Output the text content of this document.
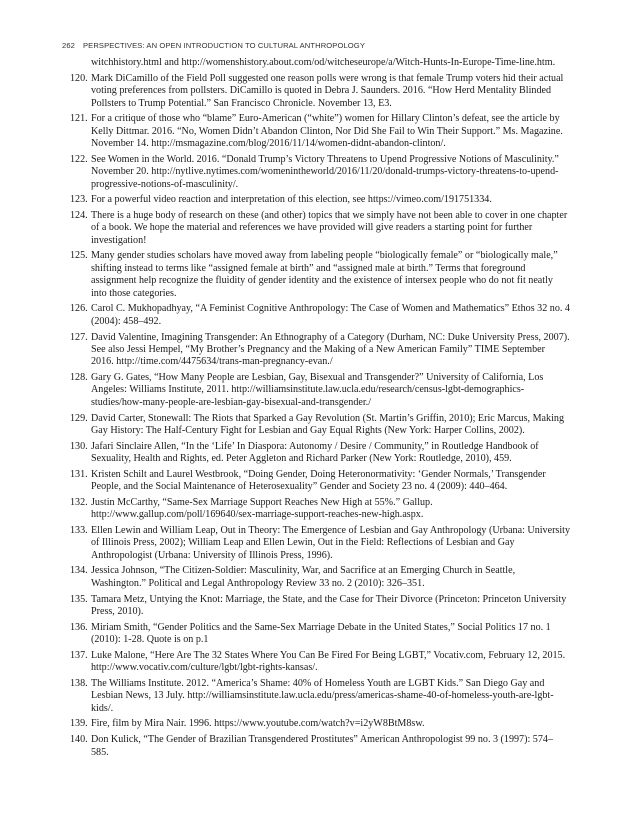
262 PERSPECTIVES: AN OPEN INTRODUCTION TO CULTURAL ANTHROPOLOGY

witchhistory.html and http://womenshistory.about.com/od/witcheseurope/a/Witch-Hunts-In-Europe-Time-line.htm.

120. Mark DiCamillo of the Field Poll suggested one reason polls were wrong is that female Trump voters hid their actual voting preferences from pollsters. DiCamillo is quoted in Debra J. Saunders. 2016. “How Herd Mentality Blinded Pollsters to Trump Potential.” San Francisco Chronicle. November 13, E3.
121. For a critique of those who “blame” Euro-American (“white”) women for Hillary Clinton’s defeat, see the article by Kelly Dittmar. 2016. “No, Women Didn’t Abandon Clinton, Nor Did She Fail to Win Their Support.” Ms. Magazine. November 14. http://msmagazine.com/blog/2016/11/14/women-didnt-abandon-clinton/.
122. See Women in the World. 2016. “Donald Trump’s Victory Threatens to Upend Progressive Notions of Masculinity.” November 20. http://nytlive.nytimes.com/womenintheworld/2016/11/20/donald-trumps-victory-threatens-to-upend-progressive-notions-of-masculinity/.
123. For a powerful video reaction and interpretation of this election, see https://vimeo.com/191751334.
124. There is a huge body of research on these (and other) topics that we simply have not been able to cover in one chapter of a book. We hope the material and references we have provided will give readers a starting point for further investigation!
125. Many gender studies scholars have moved away from labeling people “biologically female” or “biologically male,” shifting instead to terms like “assigned female at birth” and “assigned male at birth.” Terms that foreground assignment help recognize the fluidity of gender identity and the existence of intersex people who do not fit neatly into those categories.
126. Carol C. Mukhopadhyay, “A Feminist Cognitive Anthropology: The Case of Women and Mathematics” Ethos 32 no. 4 (2004): 458–492.
127. David Valentine, Imagining Transgender: An Ethnography of a Category (Durham, NC: Duke University Press, 2007). See also Jessi Hempel, “My Brother’s Pregnancy and the Making of a New American Family” TIME September 2016. http://time.com/4475634/trans-man-pregnancy-evan./
128. Gary G. Gates, “How Many People are Lesbian, Gay, Bisexual and Transgender?” University of California, Los Angeles: Williams Institute, 2011. http://williamsinstitute.law.ucla.edu/research/census-lgbt-demographics-studies/how-many-people-are-lesbian-gay-bisexual-and-transgender./
129. David Carter, Stonewall: The Riots that Sparked a Gay Revolution (St. Martin’s Griffin, 2010); Eric Marcus, Making Gay History: The Half-Century Fight for Lesbian and Gay Equal Rights (New York: Harper Collins, 2002).
130. Jafari Sinclaire Allen, “In the ‘Life’ In Diaspora: Autonomy / Desire / Community,” in Routledge Handbook of Sexuality, Health and Rights, ed. Peter Aggleton and Richard Parker (New York: Routledge, 2010), 459.
131. Kristen Schilt and Laurel Westbrook, “Doing Gender, Doing Heteronormativity: ‘Gender Normals,’ Transgender People, and the Social Maintenance of Heterosexuality” Gender and Society 23 no. 4 (2009): 440–464.
132. Justin McCarthy, “Same-Sex Marriage Support Reaches New High at 55%.” Gallup. http://www.gallup.com/poll/169640/sex-marriage-support-reaches-new-high.aspx.
133. Ellen Lewin and William Leap, Out in Theory: The Emergence of Lesbian and Gay Anthropology (Urbana: University of Illinois Press, 2002); William Leap and Ellen Lewin, Out in the Field: Reflections of Lesbian and Gay Anthropologist (Urbana: University of Illinois Press, 1996).
134. Jessica Johnson, “The Citizen-Soldier: Masculinity, War, and Sacrifice at an Emerging Church in Seattle, Washington.” Political and Legal Anthropology Review 33 no. 2 (2010): 326–351.
135. Tamara Metz, Untying the Knot: Marriage, the State, and the Case for Their Divorce (Princeton: Princeton University Press, 2010).
136. Miriam Smith, “Gender Politics and the Same-Sex Marriage Debate in the United States,” Social Politics 17 no. 1 (2010): 1-28. Quote is on p.1
137. Luke Malone, “Here Are The 32 States Where You Can Be Fired For Being LGBT,” Vocativ.com, February 12, 2015. http://www.vocativ.com/culture/lgbt/lgbt-rights-kansas/.
138. The Williams Institute. 2012. “America’s Shame: 40% of Homeless Youth are LGBT Kids.” San Diego Gay and Lesbian News, 13 July. http://williamsinstitute.law.ucla.edu/press/americas-shame-40-of-homeless-youth-are-lgbt-kids/.
139. Fire, film by Mira Nair. 1996. https://www.youtube.com/watch?v=i2yW8BtM8sw.
140. Don Kulick, “The Gender of Brazilian Transgendered Prostitutes” American Anthropologist 99 no. 3 (1997): 574–585.
